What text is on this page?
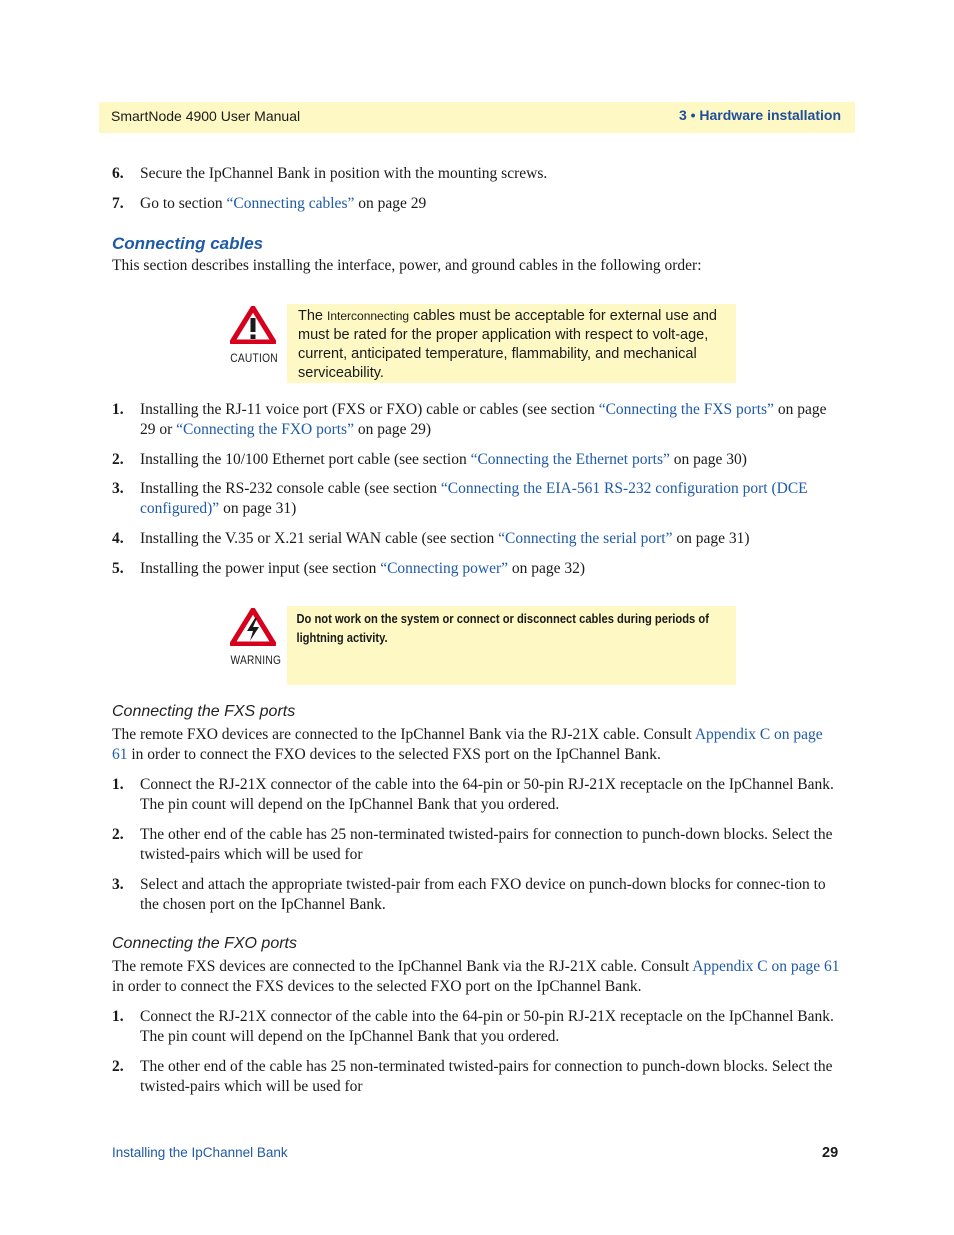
SmartNode 4900 User Manual	3 • Hardware installation
6. Secure the IpChannel Bank in position with the mounting screws.
7. Go to section “Connecting cables” on page 29
Connecting cables
This section describes installing the interface, power, and ground cables in the following order:

CAUTION
The Interconnecting cables must be acceptable for external use and must be rated for the proper application with respect to volt-age, current, anticipated temperature, flammability, and mechanical serviceability.
1. Installing the RJ-11 voice port (FXS or FXO) cable or cables (see section “Connecting the FXS ports” on page 29 or “Connecting the FXO ports” on page 29)
2. Installing the 10/100 Ethernet port cable (see section “Connecting the Ethernet ports” on page 30)
3. Installing the RS-232 console cable (see section “Connecting the EIA-561 RS-232 configuration port (DCE configured)” on page 31)
4. Installing the V.35 or X.21 serial WAN cable (see section “Connecting the serial port” on page 31)
5. Installing the power input (see section “Connecting power” on page 32)

WARNING
Do not work on the system or connect or disconnect cables during periods of lightning activity.
Connecting the FXS ports
The remote FXO devices are connected to the IpChannel Bank via the RJ-21X cable. Consult Appendix C on page 61 in order to connect the FXO devices to the selected FXS port on the IpChannel Bank.
1. Connect the RJ-21X connector of the cable into the 64-pin or 50-pin RJ-21X receptacle on the IpChannel Bank. The pin count will depend on the IpChannel Bank that you ordered.
2. The other end of the cable has 25 non-terminated twisted-pairs for connection to punch-down blocks. Select the twisted-pairs which will be used for
3. Select and attach the appropriate twisted-pair from each FXO device on punch-down blocks for connec-tion to the chosen port on the IpChannel Bank.
Connecting the FXO ports
The remote FXS devices are connected to the IpChannel Bank via the RJ-21X cable. Consult Appendix C on page 61 in order to connect the FXS devices to the selected FXO port on the IpChannel Bank.
1. Connect the RJ-21X connector of the cable into the 64-pin or 50-pin RJ-21X receptacle on the IpChannel Bank. The pin count will depend on the IpChannel Bank that you ordered.
2. The other end of the cable has 25 non-terminated twisted-pairs for connection to punch-down blocks. Select the twisted-pairs which will be used for
Installing the IpChannel Bank	29
